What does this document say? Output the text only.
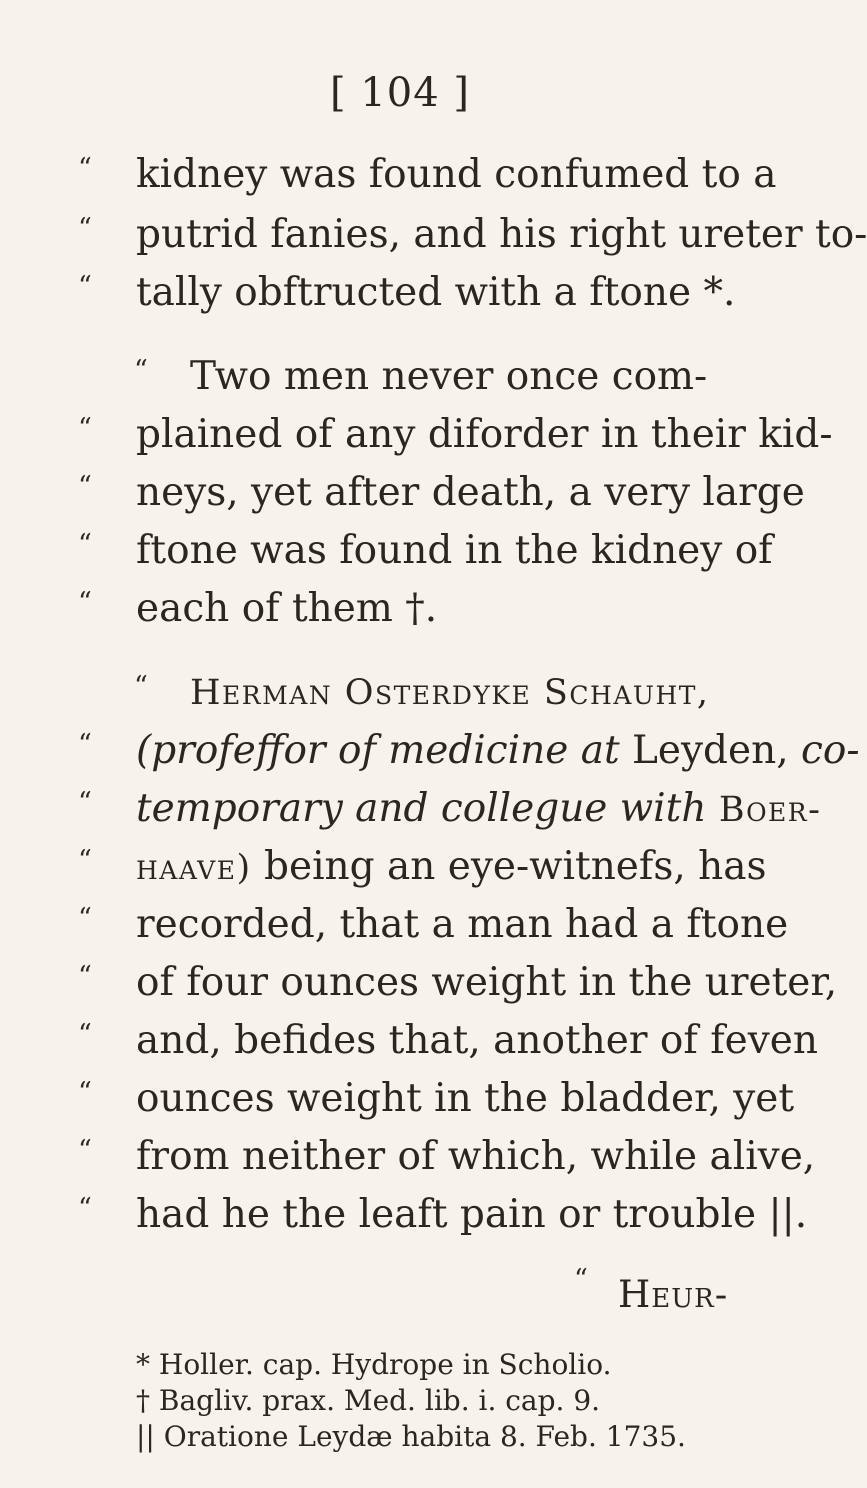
[ 104 ]
“	kidney was found confumed to a
“	putrid fanies, and his right ureter to-
“	tally obftructed with a ftone *.
“	Two men never once com-
“	plained of any diforder in their kid-
“	neys, yet after death, a very large
“	ftone was found in the kidney of
“	each of them †.
“	Herman Osterdyke Schauht,
“	(profeffor of medicine at Leyden, co-
“	temporary and collegue with Boer-
“	haave) being an eye-witnefs, has
“	recorded, that a man had a ftone
“	of four ounces weight in the ureter,
“	and, befides that, another of feven
“	ounces weight in the bladder, yet
“	from neither of which, while alive,
“	had he the leaft pain or trouble ||.
“ Heur-
* Holler. cap. Hydrope in Scholio.
† Bagliv. prax. Med. lib. i. cap. 9.
|| Oratione Leydæ habita 8. Feb. 1735.
